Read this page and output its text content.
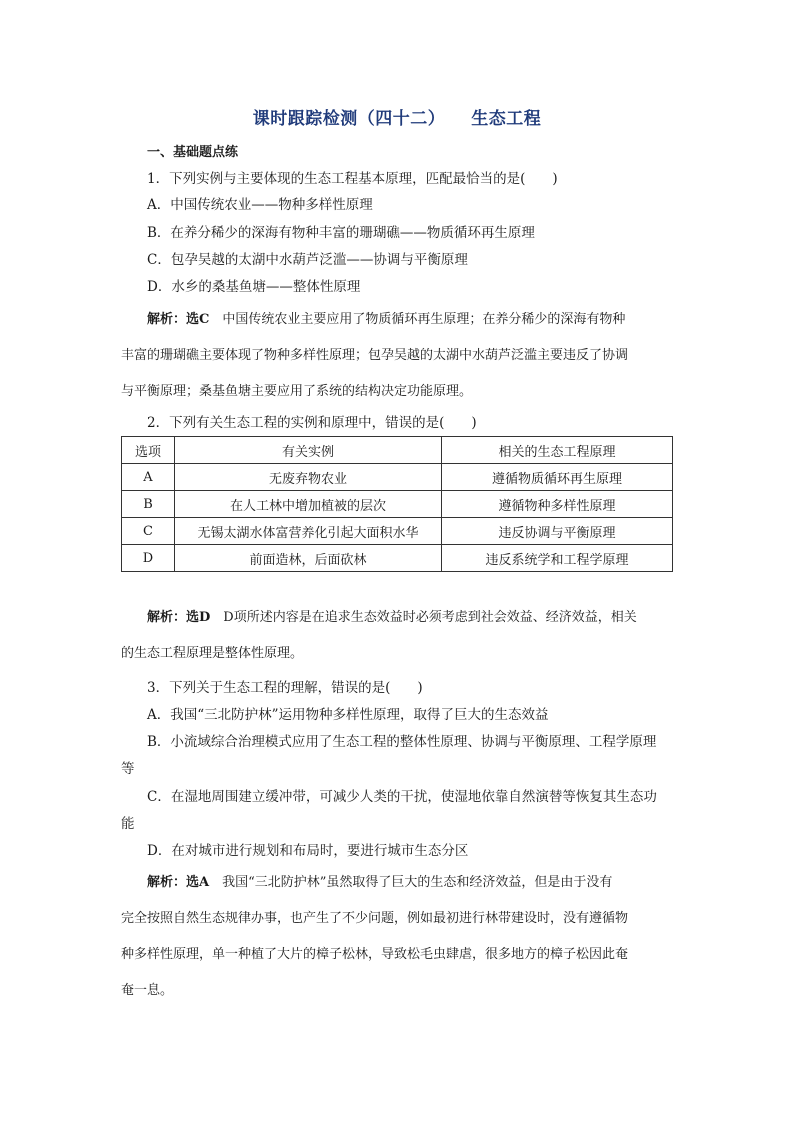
课时跟踪检测（四十二） 生态工程
一、基础题点练
1．下列实例与主要体现的生态工程基本原理，匹配最恰当的是(　　)
A．中国传统农业——物种多样性原理
B．在养分稀少的深海有物种丰富的珊瑚礁——物质循环再生原理
C．包孕吴越的太湖中水葫芦泛滥——协调与平衡原理
D．水乡的桑基鱼塘——整体性原理
解析：选C　中国传统农业主要应用了物质循环再生原理；在养分稀少的深海有物种
丰富的珊瑚礁主要体现了物种多样性原理；包孕吴越的太湖中水葫芦泛滥主要违反了协调
与平衡原理；桑基鱼塘主要应用了系统的结构决定功能原理。
2．下列有关生态工程的实例和原理中，错误的是(　　)
选项	有关实例	相关的生态工程原理
A	无废弃物农业	遵循物质循环再生原理
B	在人工林中增加植被的层次	遵循物种多样性原理
C	无锡太湖水体富营养化引起大面积水华	违反协调与平衡原理
D	前面造林，后面砍林	违反系统学和工程学原理
解析：选D　D项所述内容是在追求生态效益时必须考虑到社会效益、经济效益，相关
的生态工程原理是整体性原理。
3．下列关于生态工程的理解，错误的是(　　)
A．我国“三北防护林”运用物种多样性原理，取得了巨大的生态效益
B．小流域综合治理模式应用了生态工程的整体性原理、协调与平衡原理、工程学原理
等
C．在湿地周围建立缓冲带，可减少人类的干扰，使湿地依靠自然演替等恢复其生态功
能
D．在对城市进行规划和布局时，要进行城市生态分区
解析：选A　我国“三北防护林”虽然取得了巨大的生态和经济效益，但是由于没有
完全按照自然生态规律办事，也产生了不少问题，例如最初进行林带建设时，没有遵循物
种多样性原理，单一种植了大片的樟子松林，导致松毛虫肆虐，很多地方的樟子松因此奄
奄一息。
